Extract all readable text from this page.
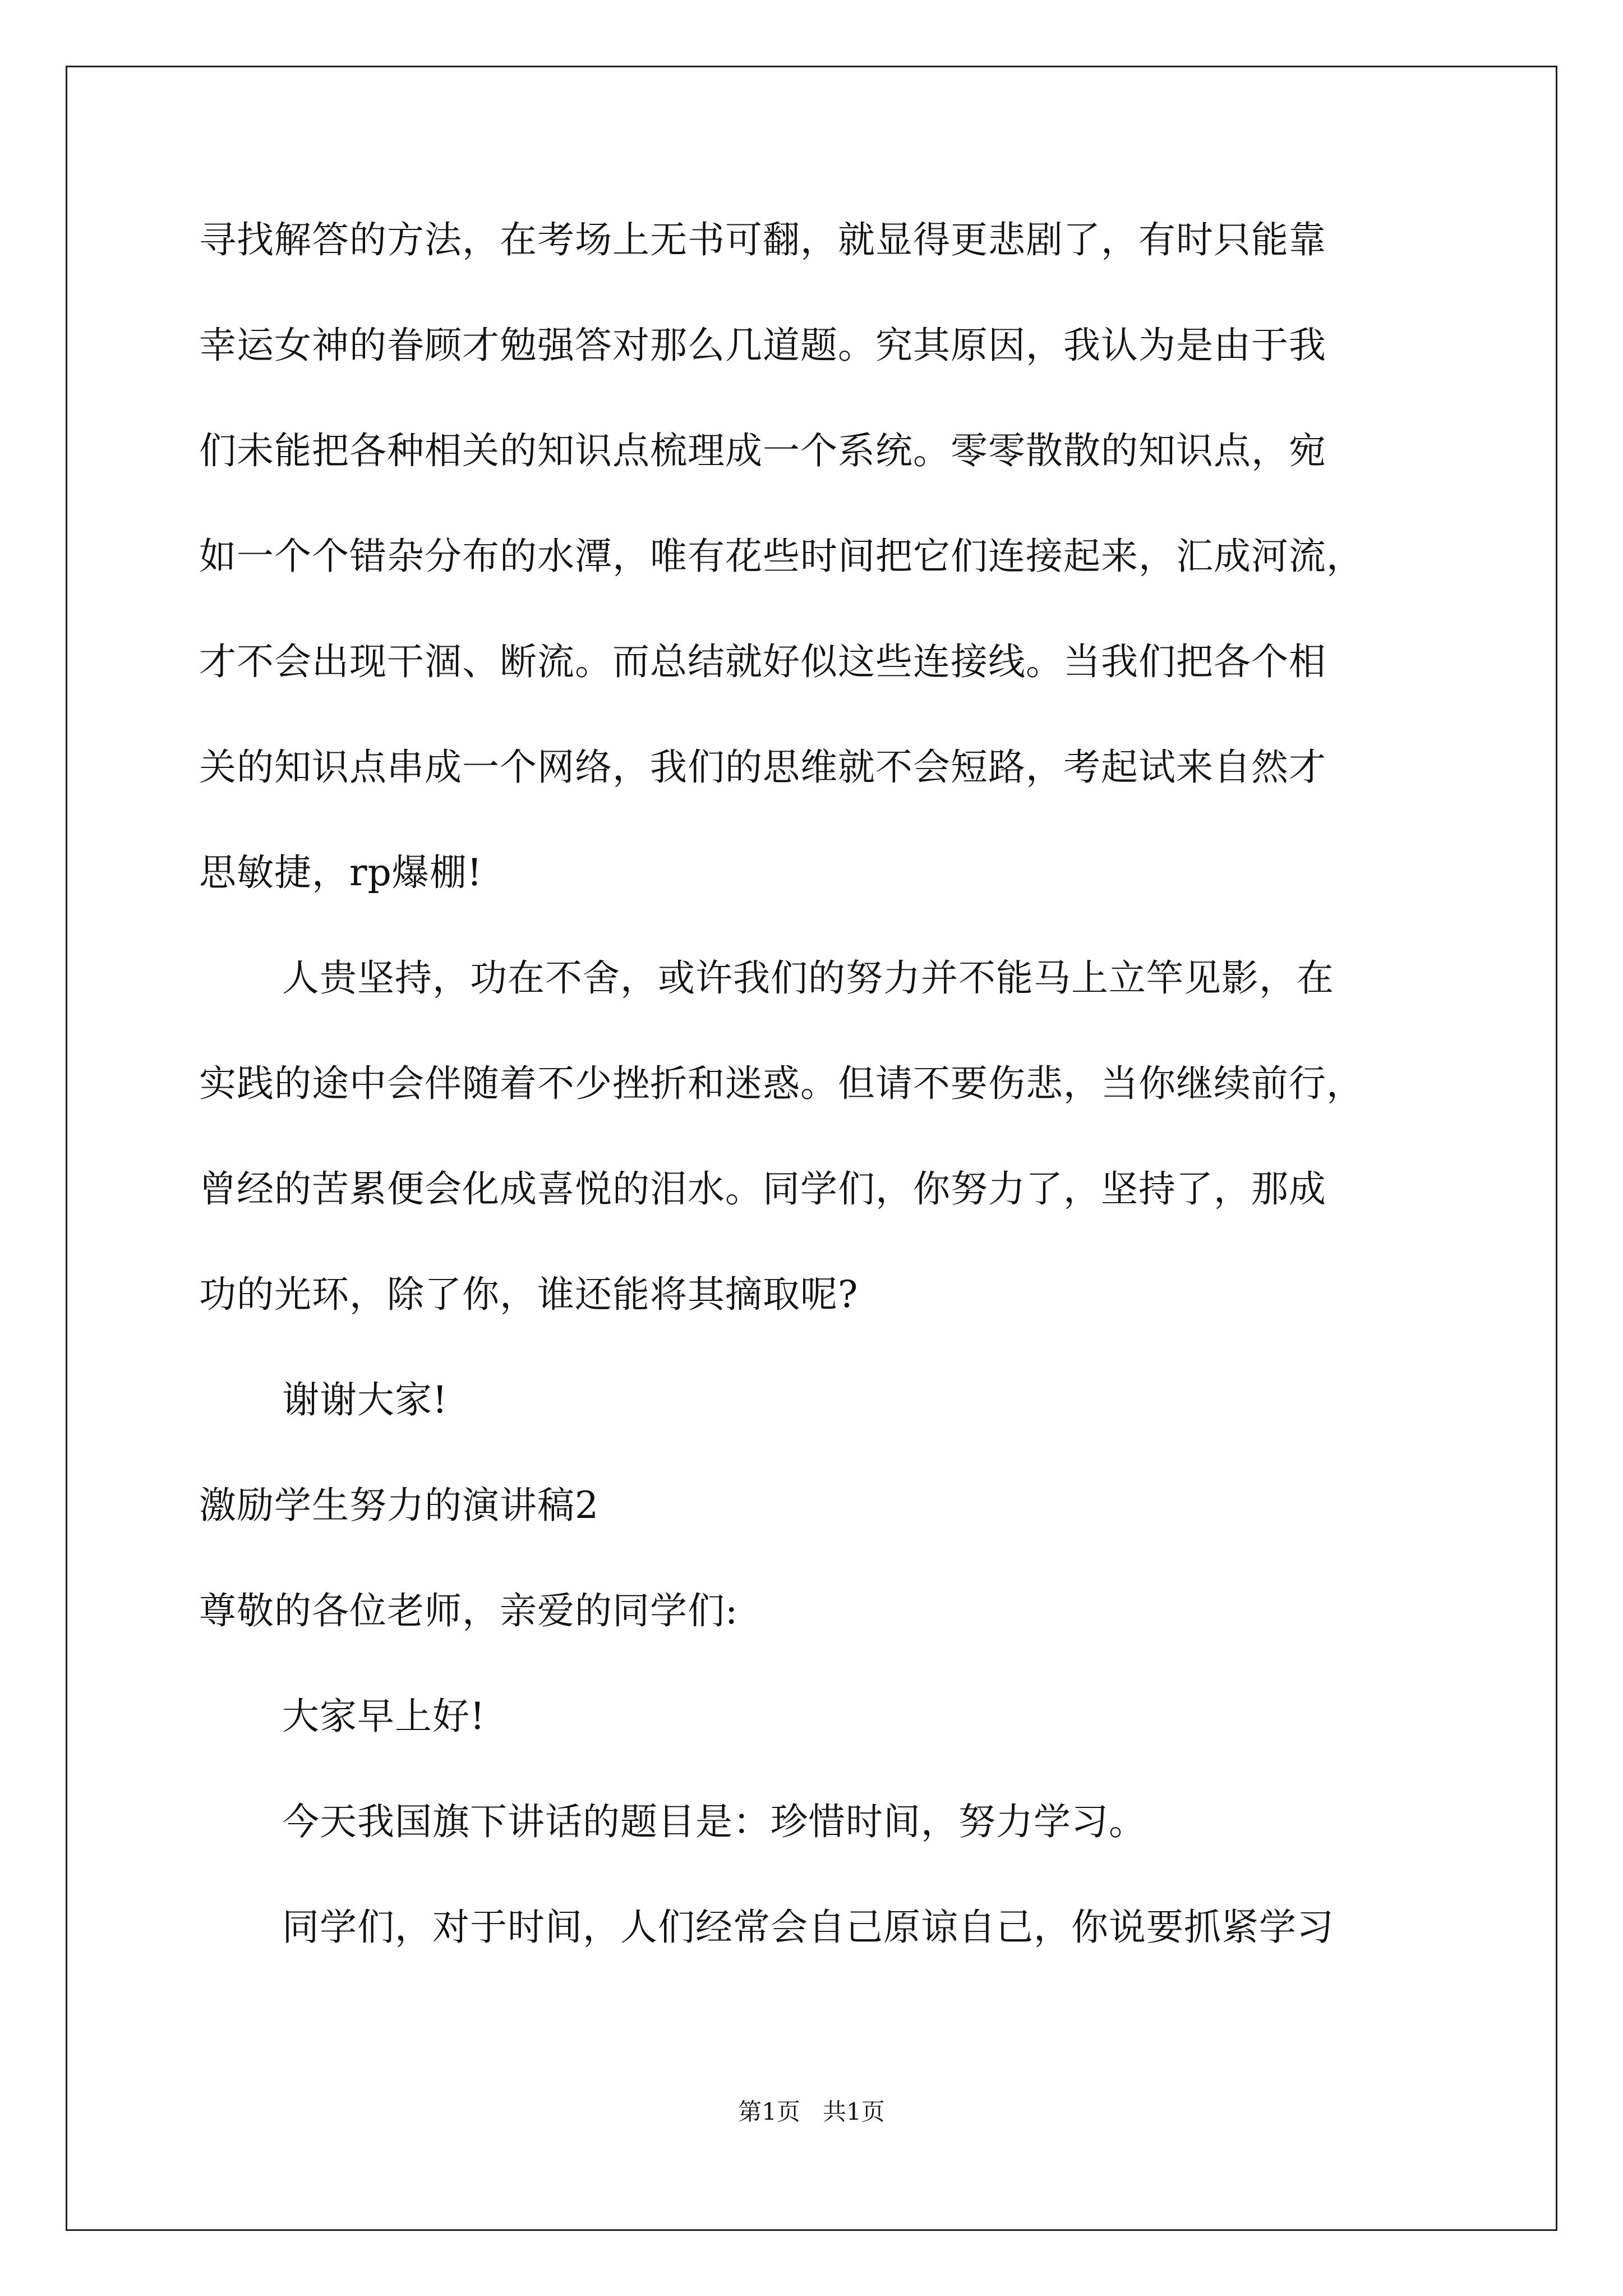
寻找解答的方法，在考场上无书可翻，就显得更悲剧了，有时只能靠
幸运女神的眷顾才勉强答对那么几道题。究其原因，我认为是由于我
们未能把各种相关的知识点梳理成一个系统。零零散散的知识点，宛
如一个个错杂分布的水潭，唯有花些时间把它们连接起来，汇成河流，
才不会出现干涸、断流。而总结就好似这些连接线。当我们把各个相
关的知识点串成一个网络，我们的思维就不会短路，考起试来自然才
思敏捷，rp爆棚!
人贵坚持，功在不舍，或许我们的努力并不能马上立竿见影，在
实践的途中会伴随着不少挫折和迷惑。但请不要伤悲，当你继续前行，
曾经的苦累便会化成喜悦的泪水。同学们，你努力了，坚持了，那成
功的光环，除了你，谁还能将其摘取呢?
谢谢大家!
激励学生努力的演讲稿2
尊敬的各位老师，亲爱的同学们:
大家早上好!
今天我国旗下讲话的题目是：珍惜时间，努力学习。
同学们，对于时间，人们经常会自己原谅自己，你说要抓紧学习
第1页   共1页
